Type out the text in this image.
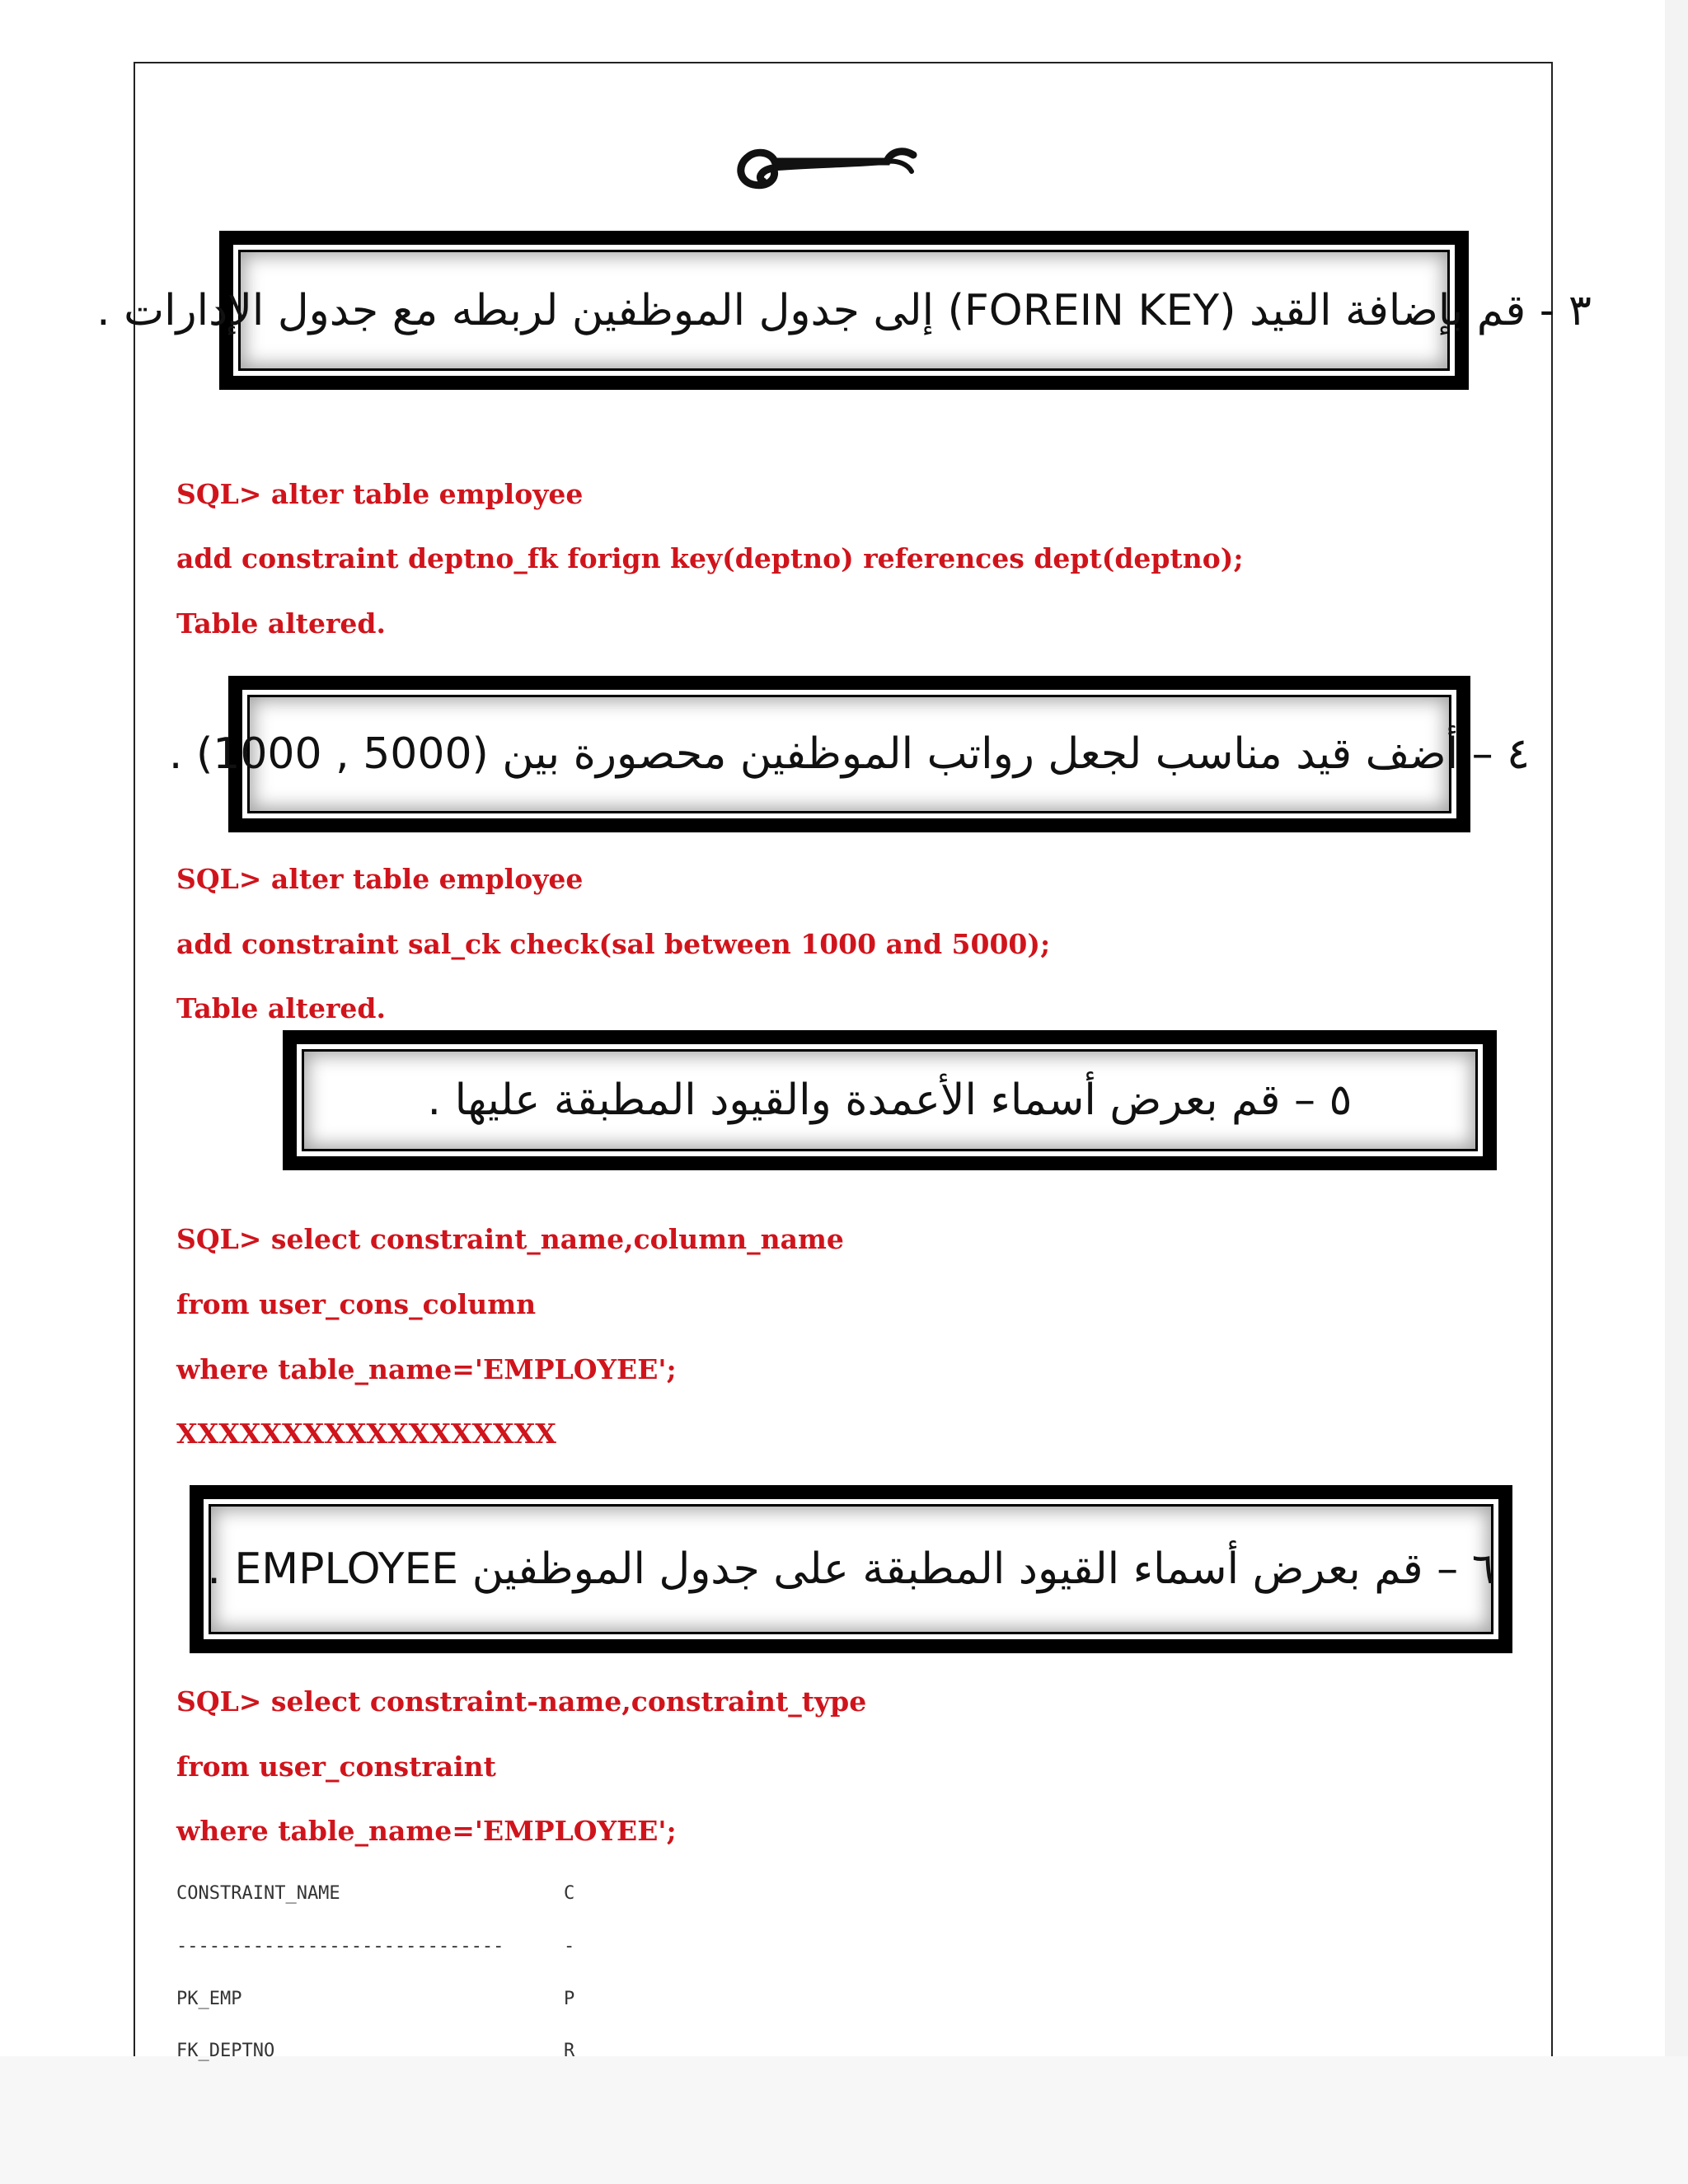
٣ - قم بإضافة القيد (FOREIN KEY) إلى جدول الموظفين لربطه مع جدول الإدارات .

SQL> alter table employee

add constraint deptno_fk forign key(deptno) references dept(deptno);

Table altered.

٤ – أضف قيد مناسب لجعل رواتب الموظفين محصورة بين (5000 , 1000) .

SQL> alter table employee

add constraint sal_ck check(sal between 1000 and 5000);

Table altered.

٥ – قم بعرض أسماء الأعمدة والقيود المطبقة عليها .

SQL> select constraint_name,column_name

from user_cons_column

where table_name='EMPLOYEE';

XXXXXXXXXXXXXXXXXX

٦ – قم بعرض أسماء القيود المطبقة على جدول الموظفين EMPLOYEE .

SQL> select constraint-name,constraint_type

from user_constraint

where table_name='EMPLOYEE';

CONSTRAINT_NAME	C

------------------------------	-

PK_EMP	P

FK_DEPTNO	R
